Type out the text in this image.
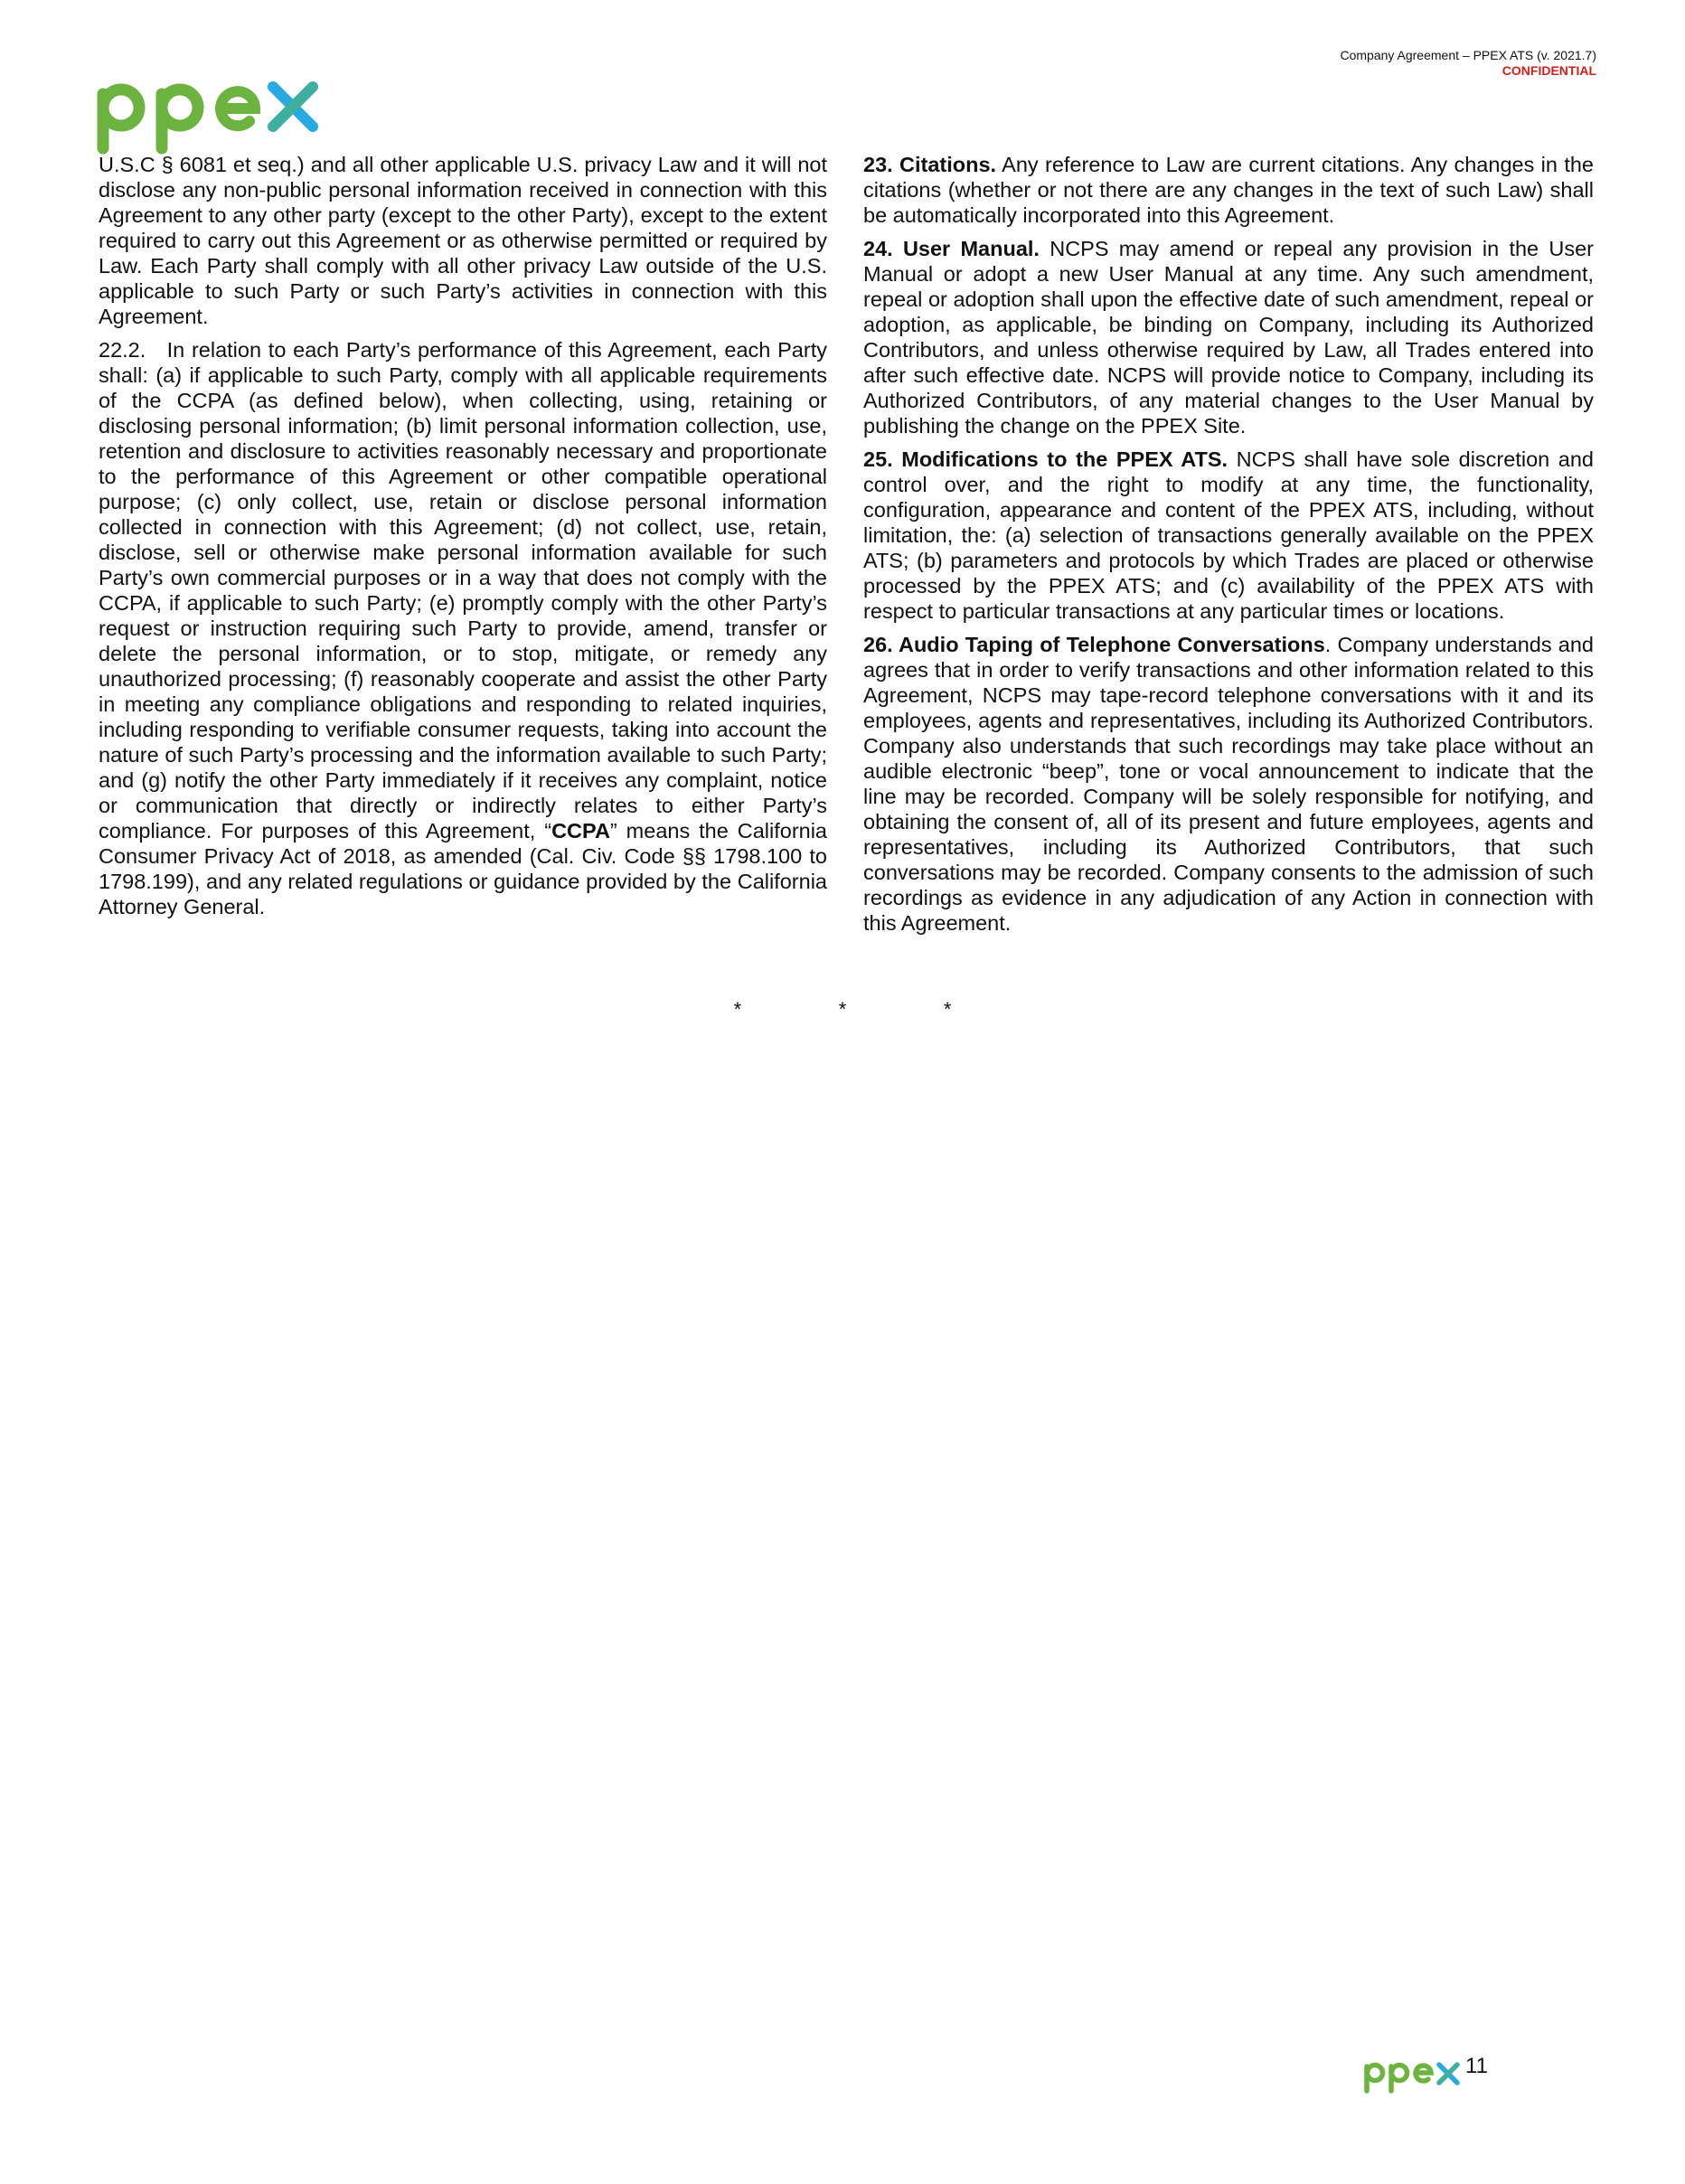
Company Agreement – PPEX ATS (v. 2021.7)
CONFIDENTIAL

U.S.C § 6081 et seq.) and all other applicable U.S. privacy Law and it will not disclose any non-public personal information received in connection with this Agreement to any other party (except to the other Party), except to the extent required to carry out this Agreement or as otherwise permitted or required by Law. Each Party shall comply with all other privacy Law outside of the U.S. applicable to such Party or such Party’s activities in connection with this Agreement.

22.2. In relation to each Party’s performance of this Agreement, each Party shall: (a) if applicable to such Party, comply with all applicable requirements of the CCPA (as defined below), when collecting, using, retaining or disclosing personal information; (b) limit personal information collection, use, retention and disclosure to activities reasonably necessary and proportionate to the performance of this Agreement or other compatible operational purpose; (c) only collect, use, retain or disclose personal information collected in connection with this Agreement; (d) not collect, use, retain, disclose, sell or otherwise make personal information available for such Party’s own commercial purposes or in a way that does not comply with the CCPA, if applicable to such Party; (e) promptly comply with the other Party’s request or instruction requiring such Party to provide, amend, transfer or delete the personal information, or to stop, mitigate, or remedy any unauthorized processing; (f) reasonably cooperate and assist the other Party in meeting any compliance obligations and responding to related inquiries, including responding to verifiable consumer requests, taking into account the nature of such Party’s processing and the information available to such Party; and (g) notify the other Party immediately if it receives any complaint, notice or communication that directly or indirectly relates to either Party’s compliance. For purposes of this Agreement, “CCPA” means the California Consumer Privacy Act of 2018, as amended (Cal. Civ. Code §§ 1798.100 to 1798.199), and any related regulations or guidance provided by the California Attorney General.

23. Citations. Any reference to Law are current citations. Any changes in the citations (whether or not there are any changes in the text of such Law) shall be automatically incorporated into this Agreement.

24. User Manual. NCPS may amend or repeal any provision in the User Manual or adopt a new User Manual at any time. Any such amendment, repeal or adoption shall upon the effective date of such amendment, repeal or adoption, as applicable, be binding on Company, including its Authorized Contributors, and unless otherwise required by Law, all Trades entered into after such effective date. NCPS will provide notice to Company, including its Authorized Contributors, of any material changes to the User Manual by publishing the change on the PPEX Site.

25. Modifications to the PPEX ATS. NCPS shall have sole discretion and control over, and the right to modify at any time, the functionality, configuration, appearance and content of the PPEX ATS, including, without limitation, the: (a) selection of transactions generally available on the PPEX ATS; (b) parameters and protocols by which Trades are placed or otherwise processed by the PPEX ATS; and (c) availability of the PPEX ATS with respect to particular transactions at any particular times or locations.

26. Audio Taping of Telephone Conversations. Company understands and agrees that in order to verify transactions and other information related to this Agreement, NCPS may tape-record telephone conversations with it and its employees, agents and representatives, including its Authorized Contributors. Company also understands that such recordings may take place without an audible electronic “beep”, tone or vocal announcement to indicate that the line may be recorded. Company will be solely responsible for notifying, and obtaining the consent of, all of its present and future employees, agents and representatives, including its Authorized Contributors, that such conversations may be recorded. Company consents to the admission of such recordings as evidence in any adjudication of any Action in connection with this Agreement.

*	*	*
11
